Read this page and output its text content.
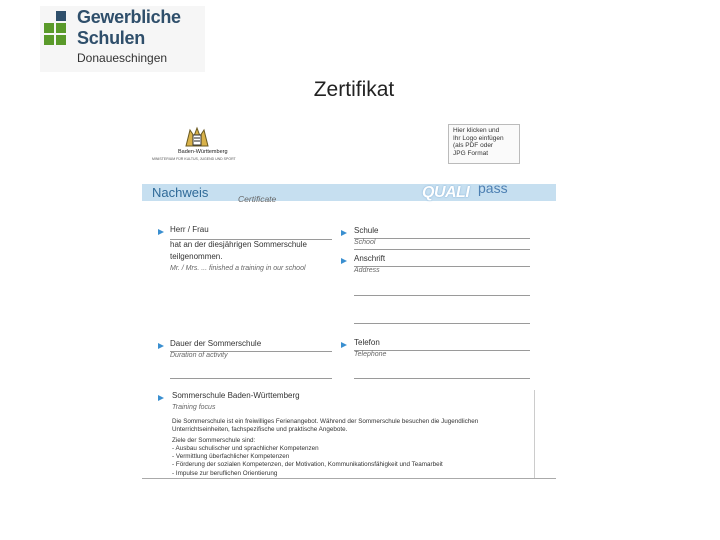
Gewerbliche
Schulen
Donaueschingen
Zertifikat
Baden-Württemberg
MINISTERIUM FÜR KULTUS, JUGEND UND SPORT
Hier klicken und
Ihr Logo einfügen
(als PDF oder
JPG Format
Nachweis	Certificate	QUALI pass
Herr / Frau
hat an der diesjährigen Sommerschule
teilgenommen.
Mr. / Mrs. ... finished a training in our school
Schule
School
Anschrift
Address
Dauer der Sommerschule
Duration of activity
Telefon
Telephone
Sommerschule Baden-Württemberg
Training focus
Die Sommerschule ist ein freiwilliges Ferienangebot. Während der Sommerschule besuchen die Jugendlichen
Unterrichtseinheiten, fachspezifische und praktische Angebote.
Ziele der Sommerschule sind:
- Ausbau schulischer und sprachlicher Kompetenzen
- Vermittlung überfachlicher Kompetenzen
- Förderung der sozialen Kompetenzen, der Motivation, Kommunikationsfähigkeit und Teamarbeit
- Impulse zur beruflichen Orientierung
